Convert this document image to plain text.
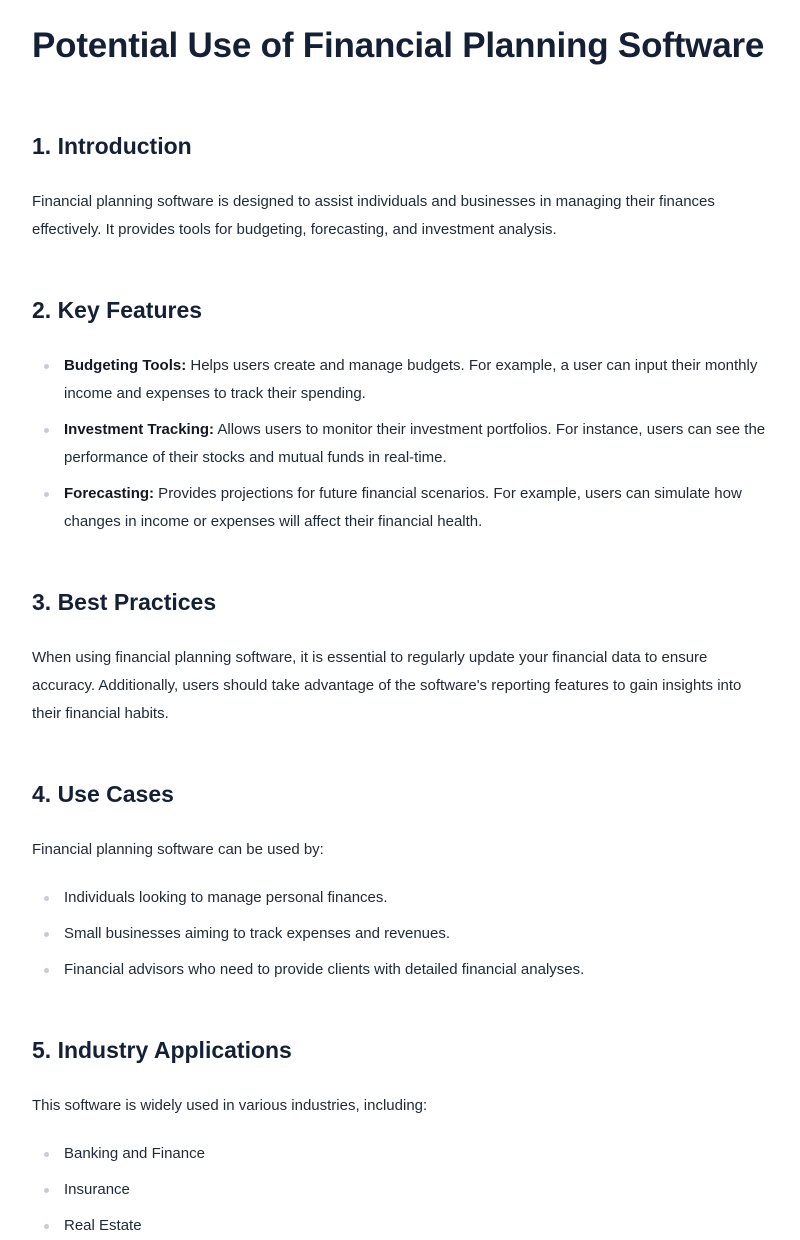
Potential Use of Financial Planning Software
1. Introduction

Financial planning software is designed to assist individuals and businesses in managing their finances effectively. It provides tools for budgeting, forecasting, and investment analysis.

2. Key Features
Budgeting Tools: Helps users create and manage budgets. For example, a user can input their monthly income and expenses to track their spending.
Investment Tracking: Allows users to monitor their investment portfolios. For instance, users can see the performance of their stocks and mutual funds in real-time.
Forecasting: Provides projections for future financial scenarios. For example, users can simulate how changes in income or expenses will affect their financial health.
3. Best Practices

When using financial planning software, it is essential to regularly update your financial data to ensure accuracy. Additionally, users should take advantage of the software's reporting features to gain insights into their financial habits.

4. Use Cases

Financial planning software can be used by:

Individuals looking to manage personal finances.
Small businesses aiming to track expenses and revenues.
Financial advisors who need to provide clients with detailed financial analyses.
5. Industry Applications

This software is widely used in various industries, including:

Banking and Finance
Insurance
Real Estate
